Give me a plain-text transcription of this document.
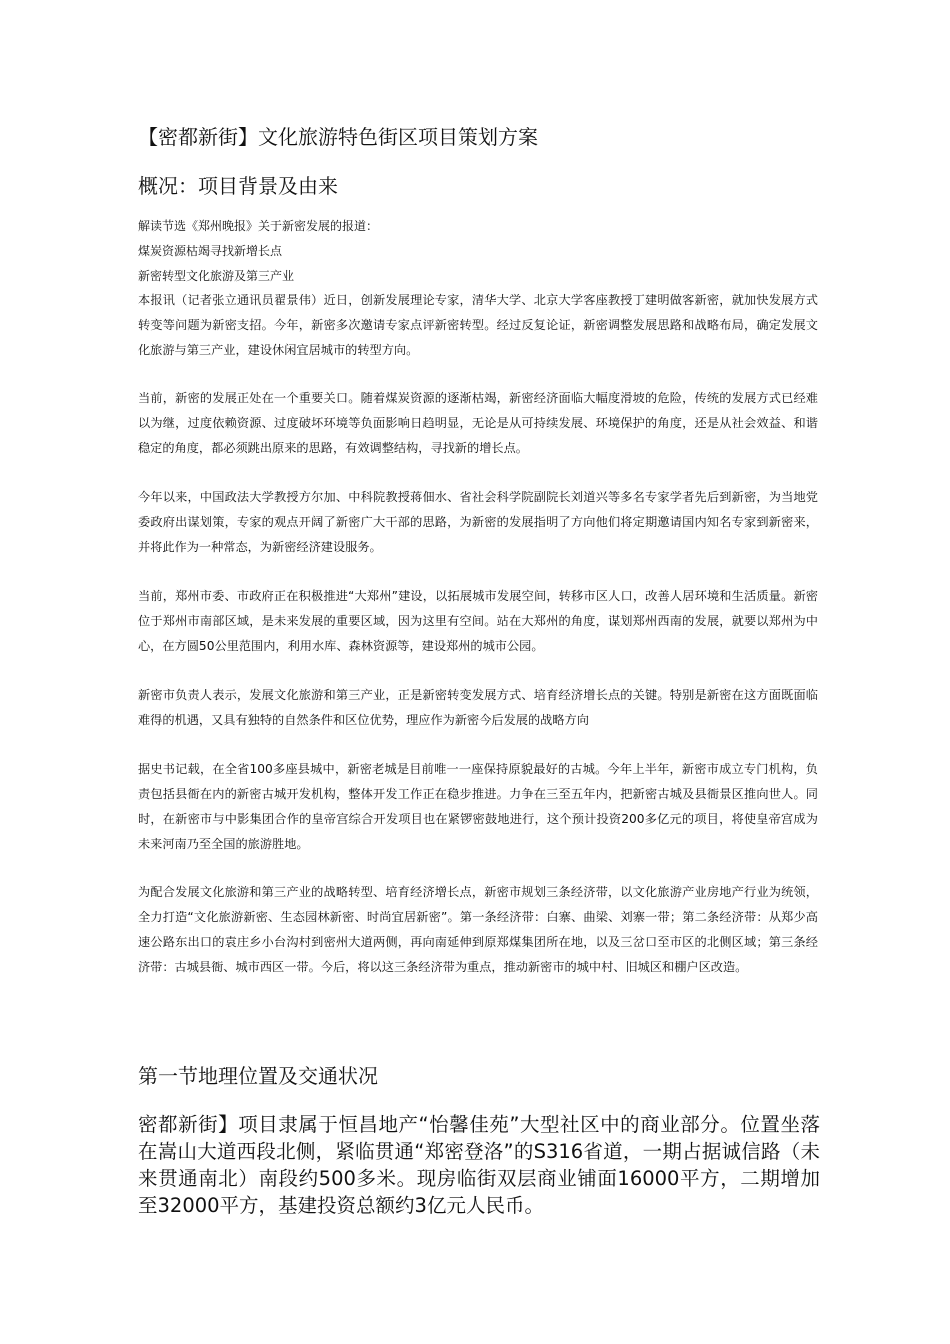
【密都新街】文化旅游特色街区项目策划方案
概况：项目背景及由来
解读节选《郑州晚报》关于新密发展的报道：
煤炭资源枯竭寻找新增长点
新密转型文化旅游及第三产业

本报讯（记者张立通讯员翟景伟）近日，创新发展理论专家，清华大学、北京大学客座教授丁建明做客新密，就加快发展方式转变等问题为新密支招。今年，新密多次邀请专家点评新密转型。经过反复论证，新密调整发展思路和战略布局，确定发展文化旅游与第三产业，建设休闲宜居城市的转型方向。

当前，新密的发展正处在一个重要关口。随着煤炭资源的逐渐枯竭，新密经济面临大幅度滑坡的危险，传统的发展方式已经难以为继，过度依赖资源、过度破坏环境等负面影响日趋明显，无论是从可持续发展、环境保护的角度，还是从社会效益、和谐稳定的角度，都必须跳出原来的思路，有效调整结构，寻找新的增长点。

今年以来，中国政法大学教授方尔加、中科院教授蒋佃水、省社会科学院副院长刘道兴等多名专家学者先后到新密，为当地党委政府出谋划策，专家的观点开阔了新密广大干部的思路，为新密的发展指明了方向他们将定期邀请国内知名专家到新密来，并将此作为一种常态，为新密经济建设服务。

当前，郑州市委、市政府正在积极推进“大郑州”建设，以拓展城市发展空间，转移市区人口，改善人居环境和生活质量。新密位于郑州市南部区域，是未来发展的重要区域，因为这里有空间。站在大郑州的角度，谋划郑州西南的发展，就要以郑州为中心，在方圆50公里范围内，利用水库、森林资源等，建设郑州的城市公园。

新密市负责人表示，发展文化旅游和第三产业，正是新密转变发展方式、培育经济增长点的关键。特别是新密在这方面既面临难得的机遇，又具有独特的自然条件和区位优势，理应作为新密今后发展的战略方向

据史书记载，在全省100多座县城中，新密老城是目前唯一一座保持原貌最好的古城。今年上半年，新密市成立专门机构，负责包括县衙在内的新密古城开发机构，整体开发工作正在稳步推进。力争在三至五年内，把新密古城及县衙景区推向世人。同时，在新密市与中影集团合作的皇帝宫综合开发项目也在紧锣密鼓地进行，这个预计投资200多亿元的项目，将使皇帝宫成为未来河南乃至全国的旅游胜地。

为配合发展文化旅游和第三产业的战略转型、培育经济增长点，新密市规划三条经济带，以文化旅游产业房地产行业为统领，全力打造“文化旅游新密、生态园林新密、时尚宜居新密”。第一条经济带：白寨、曲梁、刘寨一带；第二条经济带：从郑少高速公路东出口的袁庄乡小台沟村到密州大道两侧，再向南延伸到原郑煤集团所在地，以及三岔口至市区的北侧区域；第三条经济带：古城县衙、城市西区一带。今后，将以这三条经济带为重点，推动新密市的城中村、旧城区和棚户区改造。

第一节地理位置及交通状况

密都新街】项目隶属于恒昌地产“怡馨佳苑”大型社区中的商业部分。位置坐落在嵩山大道西段北侧，紧临贯通“郑密登洛”的S316省道，一期占据诚信路（未来贯通南北）南段约500多米。现房临街双层商业铺面16000平方，二期增加至32000平方，基建投资总额约3亿元人民币。
